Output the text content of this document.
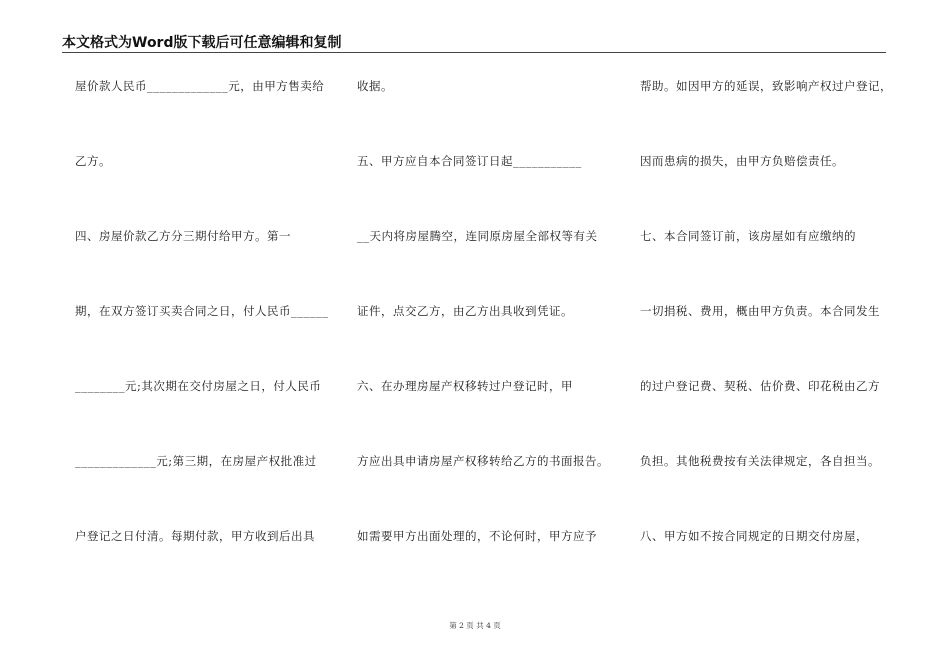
本文格式为Word版下载后可任意编辑和复制
屋价款人民币_____________元，由甲方售卖给
乙方。
四、房屋价款乙方分三期付给甲方。第一
期，在双方签订买卖合同之日，付人民币______
________元;其次期在交付房屋之日，付人民币
_____________元;第三期，在房屋产权批准过
户登记之日付清。每期付款，甲方收到后出具
收据。
五、甲方应自本合同签订日起___________
__天内将房屋腾空，连同原房屋全部权等有关
证件，点交乙方，由乙方出具收到凭证。
六、在办理房屋产权移转过户登记时，甲
方应出具申请房屋产权移转给乙方的书面报告。
如需要甲方出面处理的，不论何时，甲方应予
帮助。如因甲方的延误，致影响产权过户登记，
因而患病的损失，由甲方负赔偿责任。
七、本合同签订前，该房屋如有应缴纳的
一切捐税、费用，概由甲方负责。本合同发生
的过户登记费、契税、估价费、印花税由乙方
负担。其他税费按有关法律规定，各自担当。
八、甲方如不按合同规定的日期交付房屋，
第 2 页 共 4 页
